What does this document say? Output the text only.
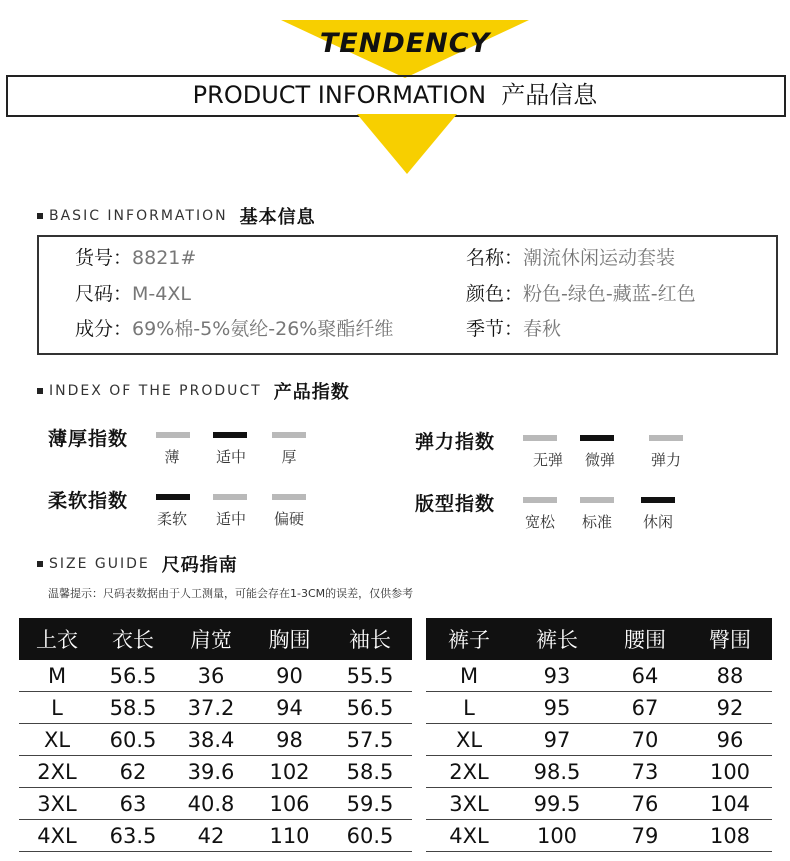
TENDENCY
PRODUCT INFORMATION  产品信息
BASIC INFORMATION 基本信息
货号：8821#
尺码：M-4XL
成分：69%棉-5%氨纶-26%聚酯纤维
名称：潮流休闲运动套装
颜色：粉色-绿色-藏蓝-红色
季节：春秋
INDEX OF THE PRODUCT 产品指数
薄厚指数
薄	适中	厚
弹力指数
无弹	微弹	弹力
柔软指数
柔软	适中	偏硬
版型指数
宽松	标准	休闲
SIZE GUIDE 尺码指南
温馨提示：尺码表数据由于人工测量，可能会存在1-3CM的误差，仅供参考
上衣	衣长	肩宽	胸围	袖长
M	56.5	36	90	55.5
L	58.5	37.2	94	56.5
XL	60.5	38.4	98	57.5
2XL	62	39.6	102	58.5
3XL	63	40.8	106	59.5
4XL	63.5	42	110	60.5
裤子	裤长	腰围	臀围
M	93	64	88
L	95	67	92
XL	97	70	96
2XL	98.5	73	100
3XL	99.5	76	104
4XL	100	79	108
